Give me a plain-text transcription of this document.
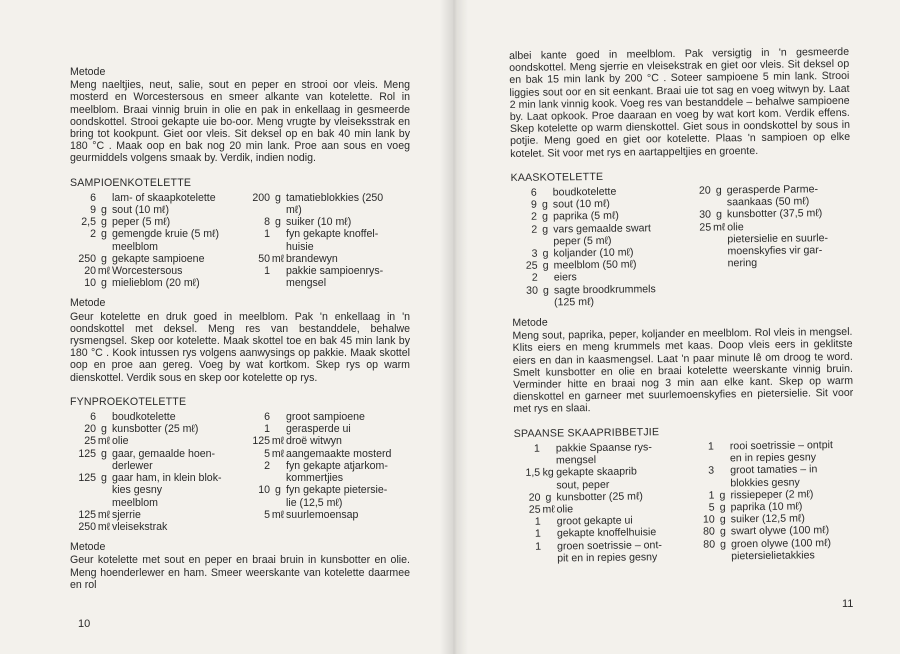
Metode

Meng naeltjies, neut, salie, sout en peper en strooi oor vleis. Meng mosterd en Worcestersous en smeer alkante van kotelette. Rol in meelblom. Braai vinnig bruin in olie en pak in enkellaag in gesmeerde oondskottel. Strooi gekapte uie bo-oor. Meng vrugte by vleiseksstrak en bring tot kookpunt. Giet oor vleis. Sit deksel op en bak 40 min lank by 180 °C . Maak oop en bak nog 20 min lank. Proe aan sous en voeg geurmiddels volgens smaak by. Verdik, indien nodig.

SAMPIOENKOTELETTE

6 lam- of skaapkotelette
9 g sout (10 mℓ)
2,5 g peper (5 mℓ)
2 g gemengde kruie (5 mℓ)
meelblom
250 g gekapte sampioene
20 mℓ Worcestersous
10 g mielieblom (20 mℓ)
200 g tamatieblokkies (250
mℓ)
8 g suiker (10 mℓ)
1 fyn gekapte knoffel-
huisie
50 mℓ brandewyn
1 pakkie sampioenrys-
mengsel

Metode

Geur kotelette en druk goed in meelblom. Pak 'n enkellaag in 'n oondskottel met deksel. Meng res van bestanddele, behalwe rysmengsel. Skep oor kotelette. Maak skottel toe en bak 45 min lank by 180 °C . Kook intussen rys volgens aanwysings op pakkie. Maak skottel oop en proe aan gereg. Voeg by wat kortkom. Skep rys op warm dienskottel. Verdik sous en skep oor kotelette op rys.

FYNPROEKOTELETTE

6 boudkotelette
20 g kunsbotter (25 mℓ)
25 mℓ olie
125 g gaar, gemaalde hoen-
derlewer
125 g gaar ham, in klein blok-
kies gesny
meelblom
125 mℓ sjerrie
250 mℓ vleisekstrak
6 groot sampioene
1 gerasperde ui
125 mℓ droë witwyn
5 mℓ aangemaakte mosterd
2 fyn gekapte atjarkom-
kommertjies
10 g fyn gekapte pietersie-
lie (12,5 mℓ)
5 mℓ suurlemoensap

Metode

Geur kotelette met sout en peper en braai bruin in kunsbotter en olie. Meng hoenderlewer en ham. Smeer weerskante van kotelette daarmee en rol

10

albei kante goed in meelblom. Pak versigtig in 'n gesmeerde oondskottel. Meng sjerrie en vleisekstrak en giet oor vleis. Sit deksel op en bak 15 min lank by 200 °C . Soteer sampioene 5 min lank. Strooi liggies sout oor en sit eenkant. Braai uie tot sag en voeg witwyn by. Laat 2 min lank vinnig kook. Voeg res van bestanddele – behalwe sampioene by. Laat opkook. Proe daaraan en voeg by wat kort kom. Verdik effens. Skep kotelette op warm dienskottel. Giet sous in oondskottel by sous in potjie. Meng goed en giet oor kotelette. Plaas 'n sampioen op elke kotelet. Sit voor met rys en aartappeltjies en groente.

KAASKOTELETTE

6 boudkotelette
9 g sout (10 mℓ)
2 g paprika (5 mℓ)
2 g vars gemaalde swart
peper (5 mℓ)
3 g koljander (10 mℓ)
25 g meelblom (50 mℓ)
2 eiers
30 g sagte broodkrummels
(125 mℓ)
20 g gerasperde Parme-
saankaas (50 mℓ)
30 g kunsbotter (37,5 mℓ)
25 mℓ olie
pietersielie en suurle-
moenskyfies vir gar-
nering

Metode

Meng sout, paprika, peper, koljander en meelblom. Rol vleis in mengsel. Klits eiers en meng krummels met kaas. Doop vleis eers in geklitste eiers en dan in kaasmengsel. Laat 'n paar minute lê om droog te word. Smelt kunsbotter en olie en braai kotelette weerskante vinnig bruin. Verminder hitte en braai nog 3 min aan elke kant. Skep op warm dienskottel en garneer met suurlemoenskyfies en pietersielie. Sit voor met rys en slaai.

SPAANSE SKAAPRIBBETJIE

1 pakkie Spaanse rys-
mengsel
1,5 kg gekapte skaaprib
sout, peper
20 g kunsbotter (25 mℓ)
25 mℓ olie
1 groot gekapte ui
1 gekapte knoffelhuisie
1 groen soetrissie – ont-
pit en in repies gesny
1 rooi soetrissie – ontpit
en in repies gesny
3 groot tamaties – in
blokkies gesny
1 g rissiepeper (2 mℓ)
5 g paprika (10 mℓ)
10 g suiker (12,5 mℓ)
80 g swart olywe (100 mℓ)
80 g groen olywe (100 mℓ)
pietersielietakkies
11
